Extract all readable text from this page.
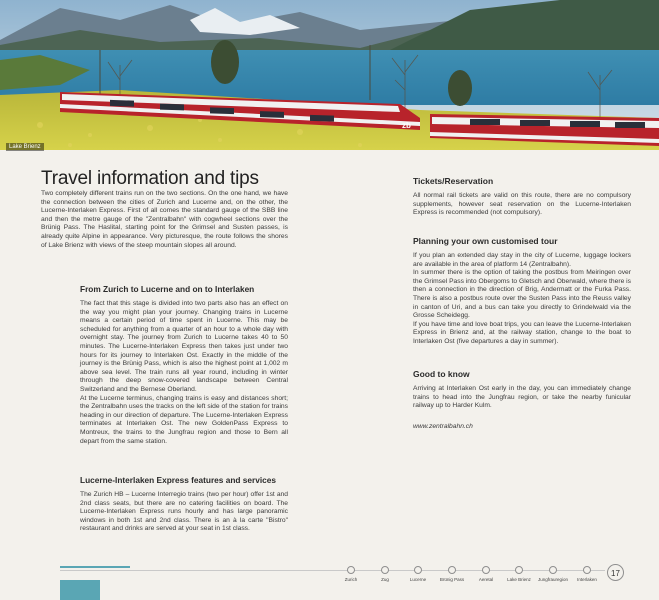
zb
Lake Brienz
Travel information and tips

Two completely different trains run on the two sections. On the one hand, we have the connection between the cities of Zurich and Lucerne and, on the other, the Lucerne-Interlaken Express. First of all comes the standard gauge of the SBB line and then the metre gauge of the "Zentralbahn" with cogwheel sections over the Brünig Pass. The Haslital, starting point for the Grimsel and Susten passes, is already quite Alpine in appearance. Very picturesque, the route follows the shores of Lake Brienz with views of the steep mountain slopes all around.

From Zurich to Lucerne and on to Interlaken

The fact that this stage is divided into two parts also has an effect on the way you might plan your journey. Changing trains in Lucerne means a certain period of time spent in Lucerne. This may be scheduled for anything from a quarter of an hour to a whole day with overnight stay. The journey from Zurich to Lucerne takes 40 to 50 minutes. The Lucerne-Interlaken Express then takes just under two hours for its journey to Interlaken Ost. Exactly in the middle of the journey is the Brünig Pass, which is also the highest point at 1,002 m above sea level. The train runs all year round, including in winter through the deep snow-covered landscape between Central Switzerland and the Bernese Oberland.

At the Lucerne terminus, changing trains is easy and distances short; the Zentralbahn uses the tracks on the left side of the station for trains heading in our direction of departure. The Lucerne-Interlaken Express terminates at Interlaken Ost. The new GoldenPass Express to Montreux, the trains to the Jungfrau region and those to Bern all depart from the same station.

Lucerne-Interlaken Express features and services

The Zurich HB – Lucerne Interregio trains (two per hour) offer 1st and 2nd class seats, but there are no catering facilities on board. The Lucerne-Interlaken Express runs hourly and has large panoramic windows in both 1st and 2nd class. There is an à la carte "Bistro" restaurant and drinks are served at your seat in 1st class.

Tickets/Reservation

All normal rail tickets are valid on this route, there are no compulsory supplements, however seat reservation on the Lucerne-Interlaken Express is recommended (not compulsory).

Planning your own customised tour

If you plan an extended day stay in the city of Lucerne, luggage lockers are available in the area of platform 14 (Zentralbahn).

In summer there is the option of taking the postbus from Meiringen over the Grimsel Pass into Obergoms to Gletsch and Oberwald, where there is then a connection in the direction of Brig, Andermatt or the Furka Pass. There is also a postbus route over the Susten Pass into the Reuss valley in canton of Uri, and a bus can take you directly to Grindelwald via the Grosse Scheidegg.

If you have time and love boat trips, you can leave the Lucerne-Interlaken Express in Brienz and, at the railway station, change to the boat to Interlaken Ost (five departures a day in summer).

Good to know

Arriving at Interlaken Ost early in the day, you can immediately change trains to head into the Jungfrau region, or take the nearby funicular railway up to Harder Kulm.

www.zentralbahn.ch

Zurich	Zug	Lucerne	Brünig Pass	Aeretal	Lake Brienz	Jungfrauregion	Interlaken
17
